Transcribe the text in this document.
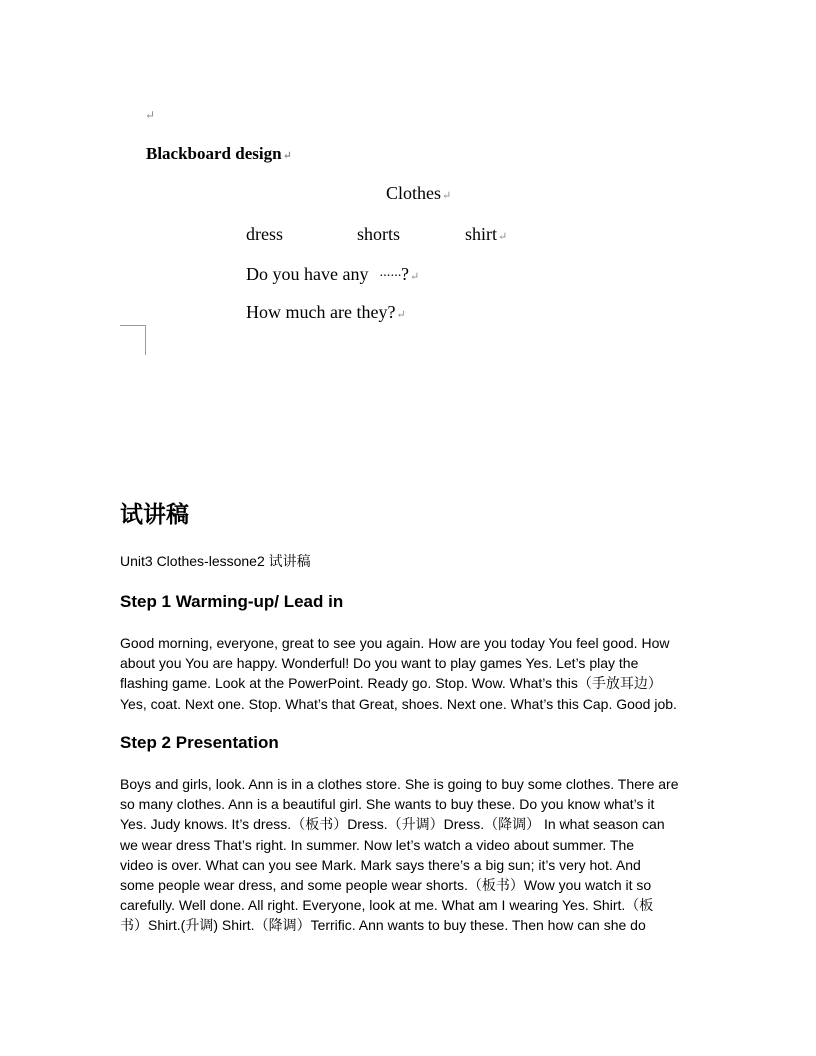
↵
Blackboard design↵
Clothes↵
dress	shorts	shirt↵
Do you have any ······?↵
How much are they?↵
试讲稿
Unit3 Clothes-lessone2 试讲稿
Step 1 Warming-up/ Lead in
Good morning, everyone, great to see you again. How are you today You feel good. How
about you You are happy. Wonderful! Do you want to play games Yes. Let’s play the
flashing game. Look at the PowerPoint. Ready go. Stop. Wow. What’s this（手放耳边）
Yes, coat. Next one. Stop. What’s that Great, shoes. Next one. What’s this Cap. Good job.
Step 2 Presentation
Boys and girls, look. Ann is in a clothes store. She is going to buy some clothes. There are
so many clothes. Ann is a beautiful girl. She wants to buy these. Do you know what’s it
Yes. Judy knows. It’s dress.（板书）Dress.（升调）Dress.（降调） In what season can
we wear dress That’s right. In summer. Now let’s watch a video about summer. The
video is over. What can you see Mark. Mark says there’s a big sun; it’s very hot. And
some people wear dress, and some people wear shorts.（板书）Wow you watch it so
carefully. Well done. All right. Everyone, look at me. What am I wearing Yes. Shirt.（板
书）Shirt.(升调) Shirt.（降调）Terrific. Ann wants to buy these. Then how can she do
